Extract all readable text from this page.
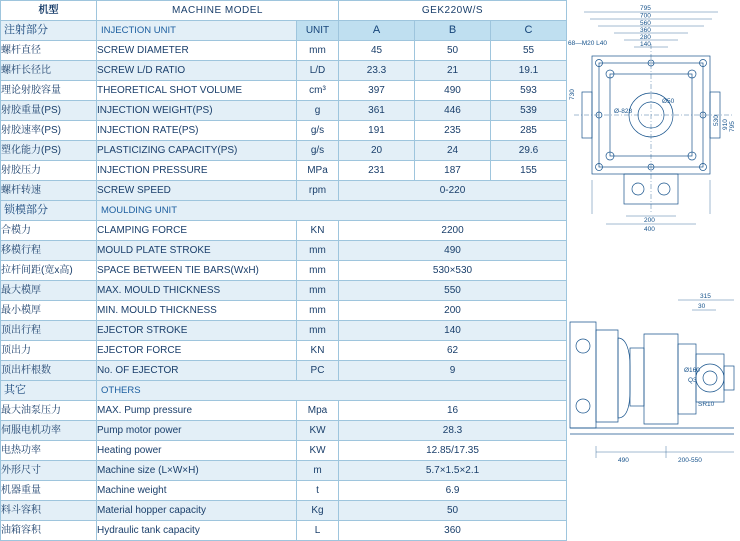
机型	MACHINE MODEL		GEK220W/S		
注射部分	INJECTION UNIT	UNIT	A	B	C
螺杆直径	SCREW DIAMETER	mm	45	50	55
螺杆长径比	SCREW L/D RATIO	L/D	23.3	21	19.1
理论射胶容量	THEORETICAL SHOT VOLUME	cm³	397	490	593
射胶重量(PS)	INJECTION WEIGHT(PS)	g	361	446	539
射胶速率(PS)	INJECTION RATE(PS)	g/s	191	235	285
塑化能力(PS)	PLASTICIZING CAPACITY(PS)	g/s	20	24	29.6
射胶压力	INJECTION PRESSURE	MPa	231	187	155
螺杆转速	SCREW SPEED	rpm	0-220		
锁模部分	MOULDING UNIT				
合模力	CLAMPING FORCE	KN	2200		
移模行程	MOULD PLATE STROKE	mm	490		
拉杆间距(宽x高)	SPACE BETWEEN TIE BARS(WxH)	mm	530×530		
最大模厚	MAX. MOULD THICKNESS	mm	550		
最小模厚	MIN. MOULD THICKNESS	mm	200		
顶出行程	EJECTOR STROKE	mm	140		
顶出力	EJECTOR FORCE	KN	62		
顶出杆根数	No. OF EJECTOR	PC	9		
其它	OTHERS				
最大油泵压力	MAX. Pump pressure	Mpa	16		
伺服电机功率	Pump motor power	KW	28.3		
电热功率	Heating power	KW	12.85/17.35		
外形尺寸	Machine size (L×W×H)	m	5.7×1.5×2.1		
机器重量	Machine weight	t	6.9		
料斗容积	Material hopper capacity	Kg	50		
油箱容积	Hydraulic tank capacity	L	360		
795
700
560
360
280
140
68—M20 L40
Ø50
Ø-828
730
530 910 795
200
400
315
30
Ø160
Q3
SR10
490	200-550
